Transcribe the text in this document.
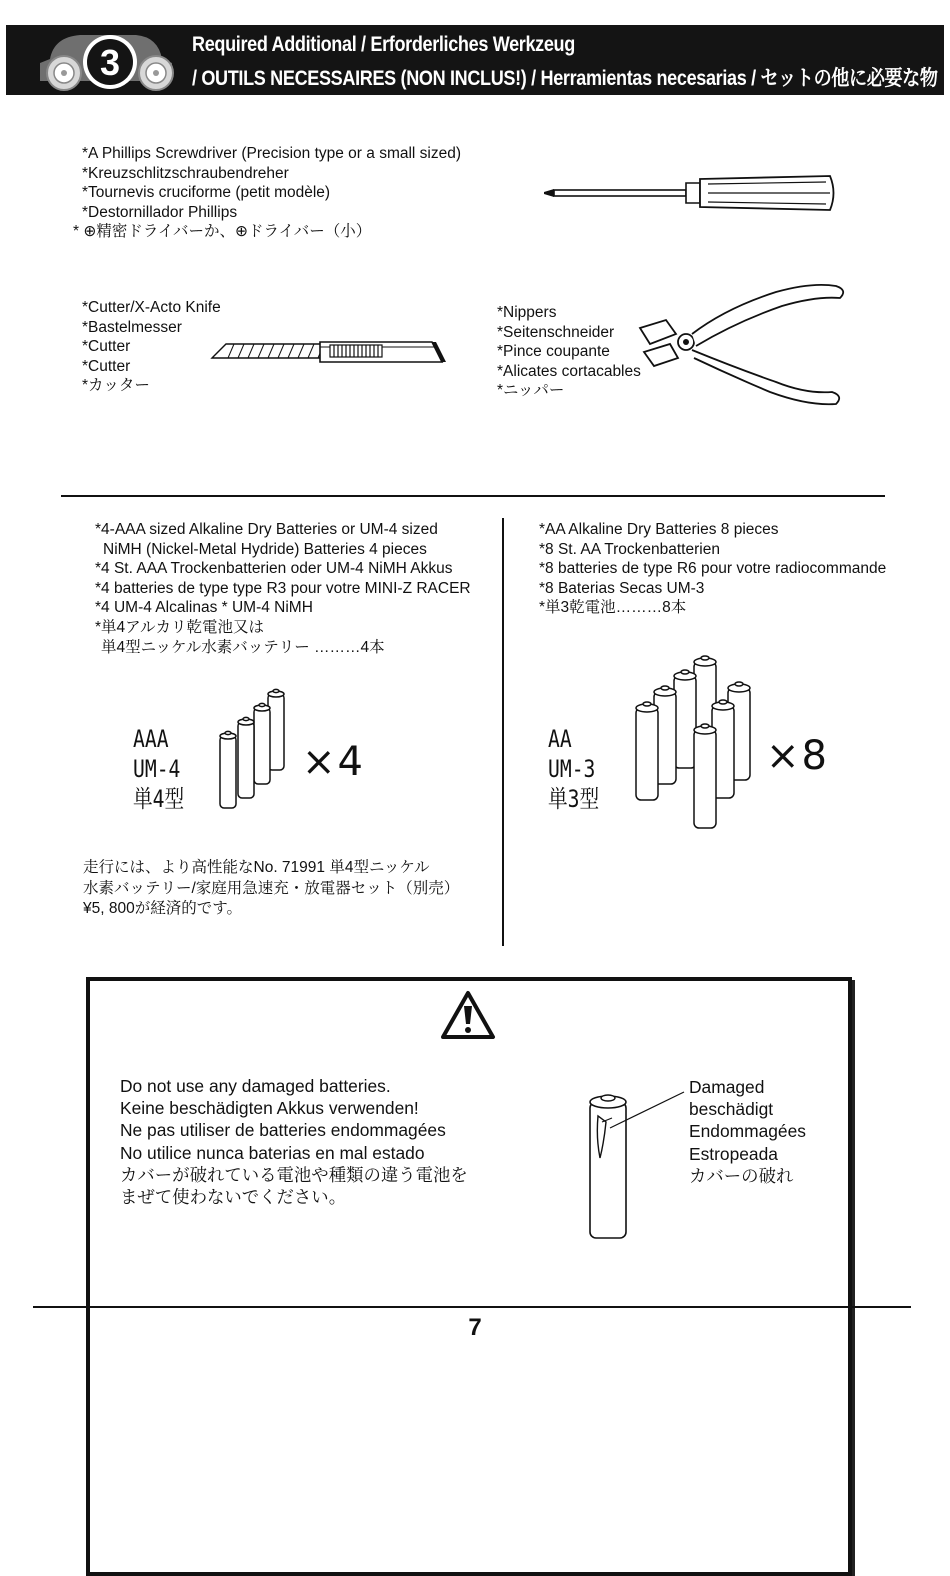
3	Required Additional / Erforderliches Werkzeug
/ OUTILS NECESSAIRES (NON INCLUS!) / Herramientas necesarias / セットの他に必要な物
*A Phillips Screwdriver (Precision type or a small sized)
*Kreuzschlitzschraubendreher
*Tournevis cruciforme (petit modèle)
*Destornillador Phillips
* ⊕精密ドライバーか、⊕ドライバー（小）
*Cutter/X-Acto Knife
*Bastelmesser
*Cutter
*Cutter
*カッター
*Nippers
*Seitenschneider
*Pince coupante
*Alicates cortacables
*ニッパー
*4-AAA sized Alkaline Dry Batteries or UM-4 sized
NiMH (Nickel-Metal Hydride) Batteries 4 pieces
*4 St. AAA Trockenbatterien oder UM-4 NiMH Akkus
*4 batteries de type type R3 pour votre MINI-Z RACER
*4 UM-4 Alcalinas * UM-4 NiMH
*単4アルカリ乾電池又は
単4型ニッケル水素バッテリー ………4本
AAA
UM-4
単4型
×4
走行には、より高性能なNo. 71991 単4型ニッケル
水素バッテリー/家庭用急速充・放電器セット（別売）
¥5, 800が経済的です。
*AA Alkaline Dry Batteries 8 pieces
*8 St. AA Trockenbatterien
*8 batteries de type R6 pour votre radiocommande
*8 Baterias Secas UM-3
*単3乾電池………8本
AA
UM-3
単3型
×8
Do not use any damaged batteries.
Keine beschädigten Akkus verwenden!
Ne pas utiliser de batteries endommagées
No utilice nunca baterias en mal estado
カバーが破れている電池や種類の違う電池を
まぜて使わないでください。
Damaged
beschädigt
Endommagées
Estropeada
カバーの破れ
7
